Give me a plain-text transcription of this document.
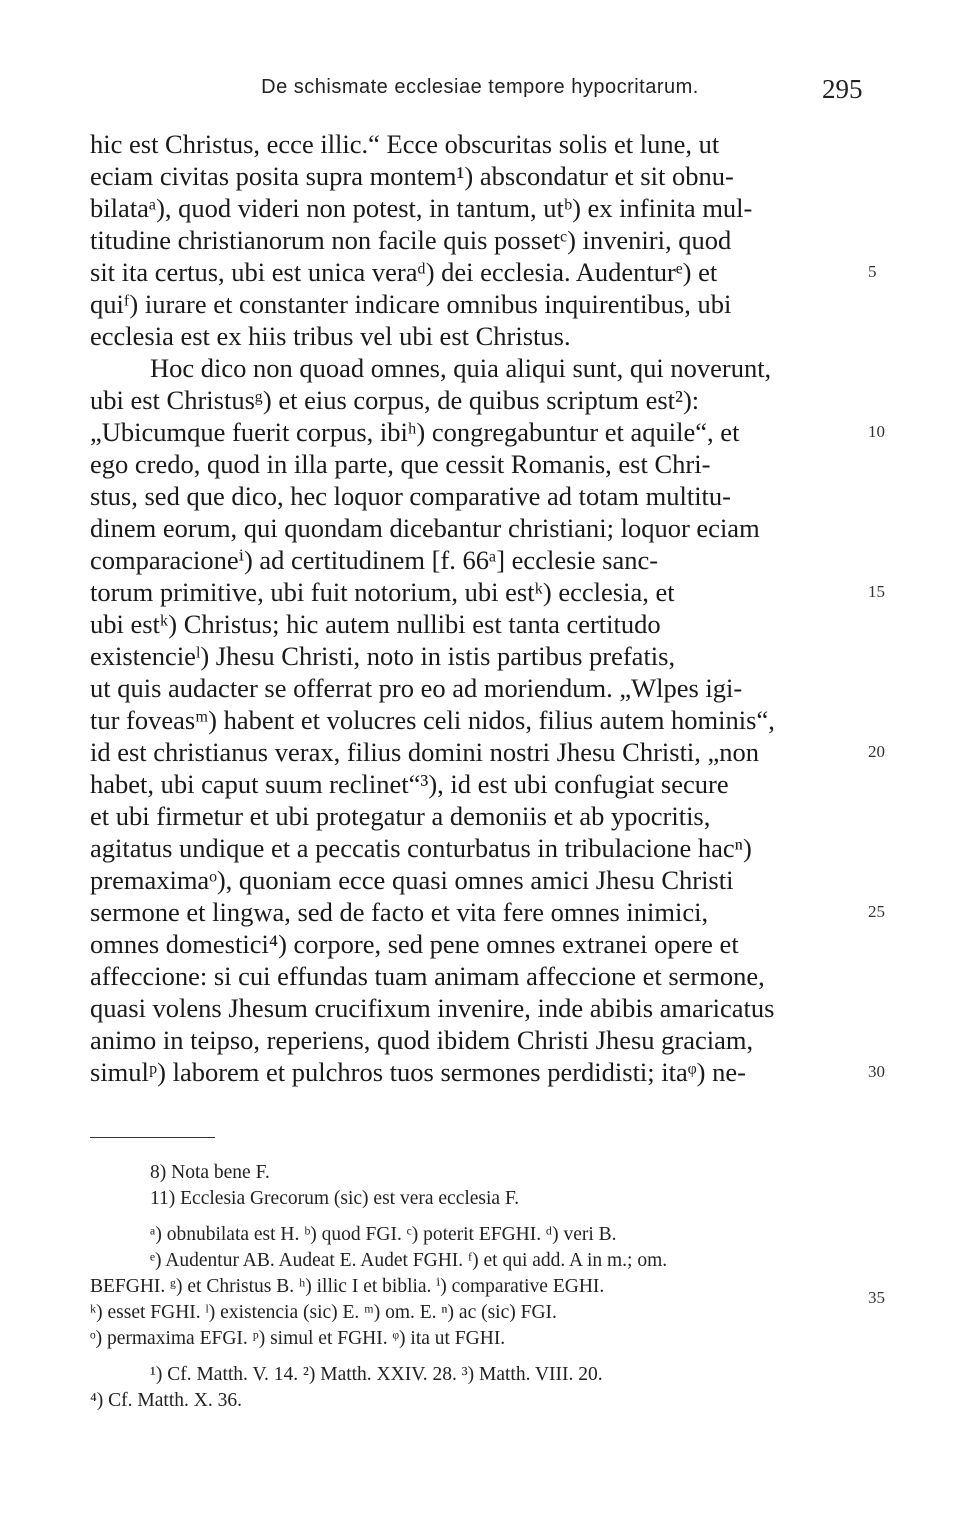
De schismate ecclesiae tempore hypocritarum.	295
hic est Christus, ecce illic.“ Ecce obscuritas solis et lune, ut
eciam civitas posita supra montem¹) abscondatur et sit obnu-
bilataᵃ), quod videri non potest, in tantum, utᵇ) ex infinita mul-
titudine christianorum non facile quis possetᶜ) inveniri, quod
sit ita certus, ubi est unica veraᵈ) dei ecclesia. Audenturᵉ) et
quiᶠ) iurare et constanter indicare omnibus inquirentibus, ubi
ecclesia est ex hiis tribus vel ubi est Christus.
Hoc dico non quoad omnes, quia aliqui sunt, qui noverunt,
ubi est Christusᵍ) et eius corpus, de quibus scriptum est²):
„Ubicumque fuerit corpus, ibiʰ) congregabuntur et aquile“, et
ego credo, quod in illa parte, que cessit Romanis, est Chri-
stus, sed que dico, hec loquor comparative ad totam multitu-
dinem eorum, qui quondam dicebantur christiani; loquor eciam
comparacioneⁱ) ad certitudinem [f. 66ᵃ] ecclesie sanc-
torum primitive, ubi fuit notorium, ubi estᵏ) ecclesia, et
ubi estᵏ) Christus; hic autem nullibi est tanta certitudo
existencieˡ) Jhesu Christi, noto in istis partibus prefatis,
ut quis audacter se offerrat pro eo ad moriendum. „Wlpes igi-
tur foveasᵐ) habent et volucres celi nidos, filius autem hominis“,
id est christianus verax, filius domini nostri Jhesu Christi, „non
habet, ubi caput suum reclinet“³), id est ubi confugiat secure
et ubi firmetur et ubi protegatur a demoniis et ab ypocritis,
agitatus undique et a peccatis conturbatus in tribulacione hacⁿ)
premaximaᵒ), quoniam ecce quasi omnes amici Jhesu Christi
sermone et lingwa, sed de facto et vita fere omnes inimici,
omnes domestici⁴) corpore, sed pene omnes extranei opere et
affeccione: si cui effundas tuam animam affeccione et sermone,
quasi volens Jhesum crucifixum invenire, inde abibis amaricatus
animo in teipso, reperiens, quod ibidem Christi Jhesu graciam,
simulᵖ) laborem et pulchros tuos sermones perdidisti; itaᵠ) ne-
5
10
15
20
25
30
8) Nota bene F.
11) Ecclesia Grecorum (sic) est vera ecclesia F.
ᵃ) obnubilata est H. ᵇ) quod FGI. ᶜ) poterit EFGHI. ᵈ) veri B.
ᵉ) Audentur AB. Audeat E. Audet FGHI. ᶠ) et qui add. A in m.; om.
BEFGHI. ᵍ) et Christus B. ʰ) illic I et biblia. ⁱ) comparative EGHI.
ᵏ) esset FGHI. ˡ) existencia (sic) E. ᵐ) om. E. ⁿ) ac (sic) FGI.
ᵒ) permaxima EFGI. ᵖ) simul et FGHI. ᵠ) ita ut FGHI.
¹) Cf. Matth. V. 14. ²) Matth. XXIV. 28. ³) Matth. VIII. 20.
⁴) Cf. Matth. X. 36.
35
